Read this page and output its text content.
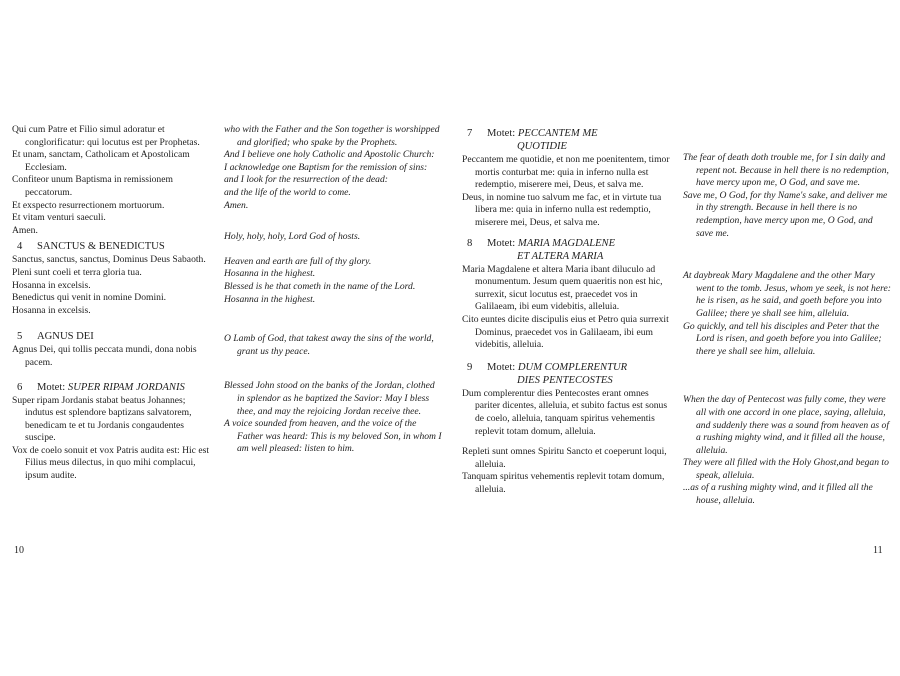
Qui cum Patre et Filio simul adoratur et conglorificatur: qui locutus est per Prophetas.
Et unam, sanctam, Catholicam et Apostolicam Ecclesiam.
Confiteor unum Baptisma in remissionem peccatorum.
Et exspecto resurrectionem mortuorum.
Et vitam venturi saeculi.
Amen.
4 SANCTUS & BENEDICTUS
Sanctus, sanctus, sanctus, Dominus Deus Sabaoth.
Pleni sunt coeli et terra gloria tua.
Hosanna in excelsis.
Benedictus qui venit in nomine Domini.
Hosanna in excelsis.
5 AGNUS DEI
Agnus Dei, qui tollis peccata mundi, dona nobis pacem.
6 Motet: SUPER RIPAM JORDANIS
Super ripam Jordanis stabat beatus Johannes; indutus est splendore baptizans salvatorem, benedicam te et tu Jordanis congaudentes suscipe.
Vox de coelo sonuit et vox Patris audita est: Hic est Filius meus dilectus, in quo mihi complacui, ipsum audite.
who with the Father and the Son together is worshipped and glorified; who spake by the Prophets.
And I believe one holy Catholic and Apostolic Church:
I acknowledge one Baptism for the remission of sins:
and I look for the resurrection of the dead:
and the life of the world to come.
Amen.
Holy, holy, holy, Lord God of hosts.
Heaven and earth are full of thy glory.
Hosanna in the highest.
Blessed is he that cometh in the name of the Lord.
Hosanna in the highest.
O Lamb of God, that takest away the sins of the world, grant us thy peace.
Blessed John stood on the banks of the Jordan, clothed in splendor as he baptized the Savior: May I bless thee, and may the rejoicing Jordan receive thee.
A voice sounded from heaven, and the voice of the Father was heard: This is my beloved Son, in whom I am well pleased: listen to him.
7 Motet: PECCANTEM ME
QUOTIDIE
Peccantem me quotidie, et non me poenitentem, timor mortis conturbat me: quia in inferno nulla est redemptio, miserere mei, Deus, et salva me.
Deus, in nomine tuo salvum me fac, et in virtute tua libera me: quia in inferno nulla est redemptio, miserere mei, Deus, et salva me.
8 Motet: MARIA MAGDALENE
ET ALTERA MARIA
Maria Magdalene et altera Maria ibant diluculo ad monumentum. Jesum quem quaeritis non est hic, surrexit, sicut locutus est, praecedet vos in Galilaeam, ibi eum videbitis, alleluia.
Cito euntes dicite discipulis eius et Petro quia surrexit Dominus, praecedet vos in Galilaeam, ibi eum videbitis, alleluia.
9 Motet: DUM COMPLERENTUR
DIES PENTECOSTES
Dum complerentur dies Pentecostes erant omnes pariter dicentes, alleluia, et subito factus est sonus de coelo, alleluia, tanquam spiritus vehementis replevit totam domum, alleluia.
Repleti sunt omnes Spiritu Sancto et coeperunt loqui, alleluia.
Tanquam spiritus vehementis replevit totam domum, alleluia.
The fear of death doth trouble me, for I sin daily and repent not. Because in hell there is no redemption, have mercy upon me, O God, and save me.
Save me, O God, for thy Name's sake, and deliver me in thy strength. Because in hell there is no redemption, have mercy upon me, O God, and save me.
At daybreak Mary Magdalene and the other Mary went to the tomb. Jesus, whom ye seek, is not here: he is risen, as he said, and goeth before you into Galilee; there ye shall see him, alleluia.
Go quickly, and tell his disciples and Peter that the Lord is risen, and goeth before you into Galilee; there ye shall see him, alleluia.
When the day of Pentecost was fully come, they were all with one accord in one place, saying, alleluia, and suddenly there was a sound from heaven as of a rushing mighty wind, and it filled all the house, alleluia.
They were all filled with the Holy Ghost,and began to speak, alleluia.
...as of a rushing mighty wind, and it filled all the house, alleluia.
10	11
